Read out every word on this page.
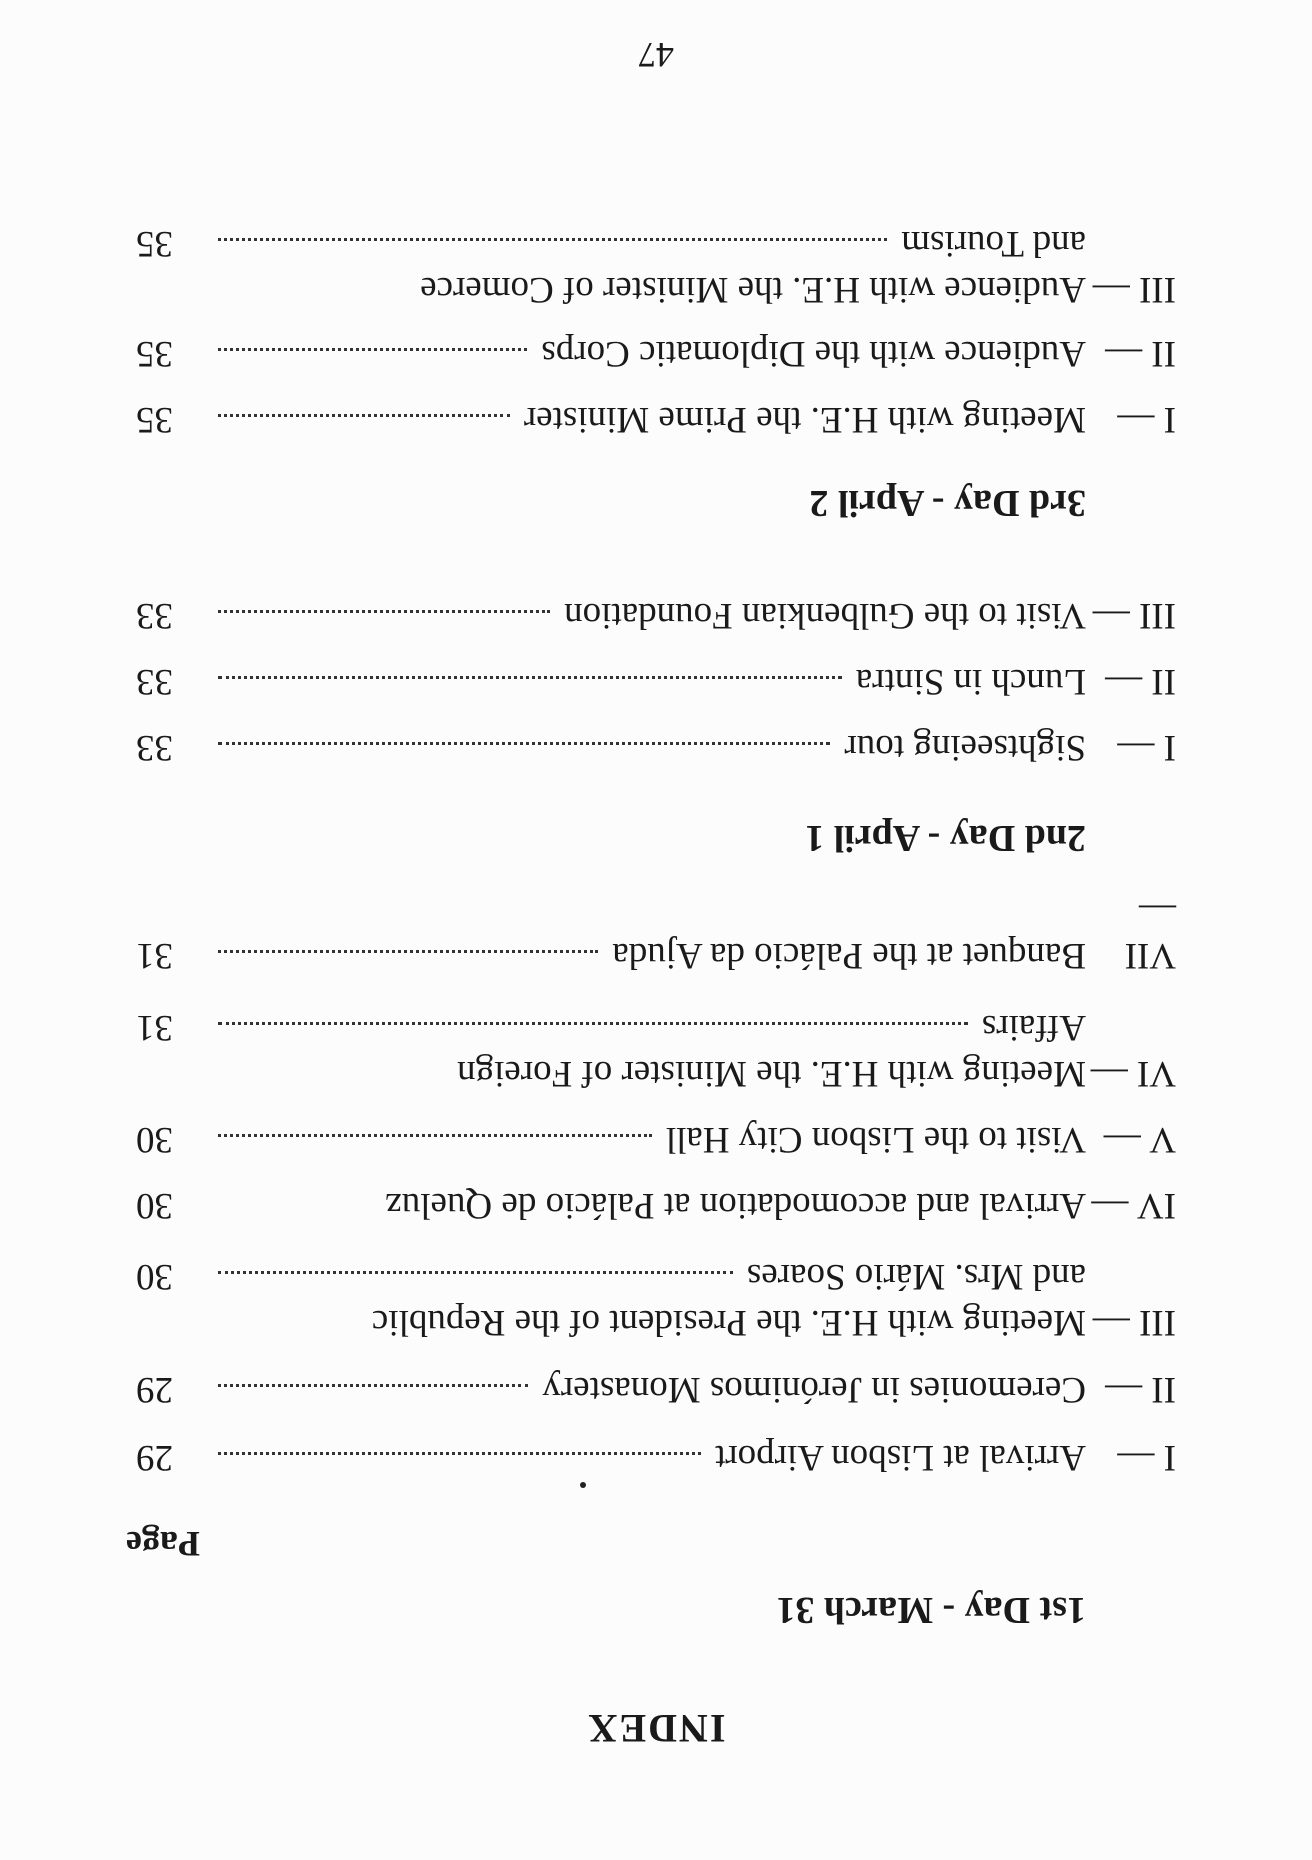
INDEX
1st Day - March 31
Page
I —
Arrival at Lisbon Airport
29
II —
Ceremonies in Jerónimos Monastery
29
III —
Meeting with H.E. the President of the Republic
and Mrs. Mário Soares
30
IV —
Arrival and accomodation at Palácio de Queluz
30
V —
Visit to the Lisbon City Hall
30
VI —
Meeting with H.E. the Minister of Foreign
Affairs
31
VII —
Banquet at the Palácio da Ajuda
31
2nd Day - April 1
I —
Sightseeing tour
33
II —
Lunch in Sintra
33
III —
Visit to the Gulbenkian Foundation
33
3rd Day - April 2
I —
Meeting with H.E. the Prime Minister
35
II —
Audience with the Diplomatic Corps
35
III —
Audience with H.E. the Minister of Comerce
and Tourism
35
47
